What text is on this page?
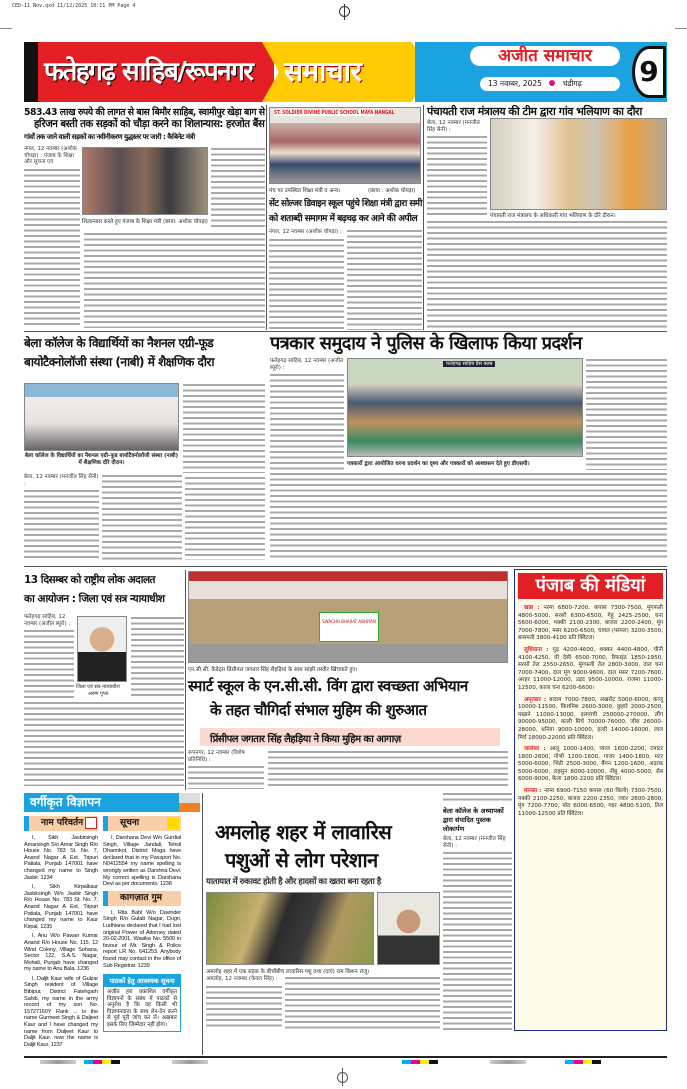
CED-11 Nov.qxd 11/12/2025 10:11 PM Page 4
फतेहगढ़ साहिब/रूपनगर समाचार	अजीत समाचार
13 नवम्बर, 2025	चंडीगढ़	9
583.43 लाख रुपये की लागत से बास बिमौर साहिब, स्वामीपुर खेड़ा बाग से
हरिजन बस्ती तक सड़कों को चौड़ा करने का शिलान्यास: हरजोत बैंस
गांवों तक जाने वाली सड़कों का नवीनीकरण युद्धस्तर पर जारी : कैबिनेट मंत्री
नंगल, 12 नवम्बर (अशोक चोपड़ा) : पंजाब के शिक्षा और सूचना एवं
शिलान्यास करते हुए पंजाब के शिक्षा मंत्री (छाया: अशोक चोपड़ा)
ST. SOLDIER DIVINE PUBLIC SCHOOL MAYA NANGAL
मंच पर उपस्थित शिक्षा मंत्री व अन्य।	(छाया : अशोक चोपड़ा)
सेंट सोल्जर डिवाइन स्कूल पहुंचे शिक्षा मंत्री द्वारा समी
को शताब्दी समागम में बढ़चढ़ कर आने की अपील
नंगल, 12 नवम्बर (अशोक चोपड़ा) :
पंचायती राज मंत्रालय की टीम द्वारा गांव भलियाण का दौरा
बेला, 12 नवम्बर (मनजीत सिंह सैनी) :
पंचायती राज मंत्रालय के अधिकारी गांव भलियाण के दौरे दौरान।
बेला कॉलेज के विद्यार्थियों का नैशनल एग्री-फूड
बायोटैक्नोलॉजी संस्था (नाबी) में शैक्षणिक दौरा
बेला कॉलेज के विद्यार्थियों का नैशनल एग्री-फूड बायोटैक्नोलॉजी संस्था (नाबी) में शैक्षणिक दौरे दौरान।
बेला, 12 नवम्बर (मनजीत सिंह सैनी) :
पत्रकार समुदाय ने पुलिस के खिलाफ किया प्रदर्शन
फतेहगढ़ साहिब, 12 नवम्बर (अजीत ब्यूरो) :
फतेहगढ़ साहिब प्रैस क्लब
पत्रकारों द्वारा आयोजित धरना प्रदर्शन का दृश्य और पत्रकारों को आश्वासन देते हुए डीएसपी।
13 दिसम्बर को राष्ट्रीय लोक अदालत
का आयोजन : जिला एवं सत्र न्यायाधीश
फतेहगढ़ साहिब, 12 नवम्बर (अजीत ब्यूरो) :
जिला एवं सत्र न्यायाधीश
अरुण गुप्ता
SWACHH BHARAT ABHIYAN
एन.सी.सी. कैडेट्स प्रिंसीपल जगतार सिंह लैहड़ियां के साथ सांझी तस्वीर खिंचवाते हुए।
स्मार्ट स्कूल के एन.सी.सी. विंग द्वारा स्वच्छता अभियान
के तहत चौगिर्दा संभाल मुहिम की शुरुआत
प्रिंसीपल जगतार सिंह लैहड़िया ने किया मुहिम का आगाज़
रूपनगर, 12 नवम्बर (विशेष प्रतिनिधि) :
पंजाब की मंडियां

खन्ना : नरमा 6800-7200, कपास 7300-7500, मूंगफली 4800-5000, सरसों 6300-6500, गेहूं 2425-2500, चना 5600-6000, मक्की 2100-2300, बाजरा 2200-2400, मूंग 7000-7800, मसर 6200-6500, चावल (परमल) 3200-3500, बासमती 3800-4100 प्रति क्विंटल।

लुधियाना : गुड़ 4200-4600, शक्कर 4400-4800, चीनी 4100-4250, घी देसी 6500-7000, रिफाइंड 1850-1950, सरसों तेल 2550-2650, मूंगफली तेल 2800-3000, दाल चना 7000-7400, दाल मूंग 9000-9600, दाल मसर 7200-7600, अरहर 11000-12000, उड़द 9500-10000, राजमा 11000-12500, काला चना 6200-6600।

अमृतसर : बादाम 7000-7800, अखरोट 5000-6000, काजू 10000-11500, किशमिश 2600-3000, छुहारे 2000-2500, मखाने 11000-13000, इलायची 250000-270000, लौंग 90000-95000, काली मिर्च 70000-76000, जीरा 26000-28000, धनिया 9000-10000, हल्दी 14000-16000, लाल मिर्च 18000-22000 प्रति क्विंटल।

जालंधर : आलू 1000-1400, प्याज 1600-2200, टमाटर 1800-2600, गोभी 1200-1600, गाजर 1400-1800, मटर 5000-6000, भिंडी 2500-3000, बैंगन 1200-1600, अदरक 5000-6000, लहसुन 8000-10000, नींबू 4000-5000, सेब 6000-9000, केला 1800-2200 प्रति क्विंटल।

मानसा : नरमा 6900-7150 कपास (60 किलो) 7300-7500, मक्की 2100-2250, बाजरा 2200-2350, ज्वार 2600-2800, मूंग 7200-7700, मोठ 6000-6500, ग्वार 4800-5100, तिल 11000-12500 प्रति क्विंटल।

वर्गीकृत विज्ञापन
नाम परिवर्तन

I, Sikh Jasbirsingh Amarsingh S/o Amar Singh R/o House No. 783 St. No. 7, Anand Nagar A Ext. Tripuri Patiala, Punjab 147001 have changed my name to Singh Jasbir. 1234

I, Sikh Kirpalkaur Jasbirsingh W/o Jasbir Singh R/o House No. 783 St. No. 7, Anand Nagar A Ext. Tripuri Patiala, Punjab 147001 have changed my name to Kaur Kirpal. 1235

I, Anu W/o Pawan Kumar Anand R/o House No. 115, 12 Wind Colony, Village Sohana, Sector 122, S.A.S. Nagar, Mohali, Punjab have changed my name to Anu Bala. 1236

I, Daljit Kaur wife of Gulzar Singh resident of Village Bibipur, District Fatehgarh Sahib, my name in the army record of my son No. 15727160Y Rank ... is the name Gurmeet Singh & Daljeet Kaur and I have changed my name from Daljeet Kaur to Daljit Kaur. now the name is Daljit Kaur. 1237

सूचना

I, Darshana Devi W/o Gurdial Singh, Village Jandali, Tehsil Dharmkot, District Moga have declared that in my Passport No. N0412554 my name spelling is wrongly written as Darshna Devi. My correct spelling is Darshana Devi as per documents. 1238

कागज़ात गुम

I, Rita Bahl W/o Davinder Singh R/o Gulab Nagar, Dugri, Ludhiana declared that I had lost original Power of Attorney dated 20-02-2001, Wasika No. 5500 in favour of Mr. Singh & Police report LR No. 641253. Anybody found may contact in the office of Sub Registrar. 1239

पाठकों हेतु आवश्यक सूचना
अजीत हरा प्रकाशित वर्गीकृत विज्ञापनों के संबंध में पाठकों से अनुरोध है कि वह किसी भी विज्ञापनदाता के साथ लेन-देन करने से पूर्व पूरी जांच कर लें। अखबार इसके लिए जिम्मेदार नहीं होगा।
अमलोह शहर में लावारिस
पशुओं से लोग परेशान
यातायात में रुकावट होती है और हादसों का खतरा बना रहता है
अमलोह शहर में एक सड़क के बीचोंबीच लावारिस पशु तथा (दाएं) राम किशन राजू।
अमलोह, 12 नवम्बर (केवल सिंह) :
बेला कॉलेज के अध्यापकों द्वारा संपादित पुस्तक लोकार्पण
बेला, 12 नवम्बर (मनजीत सिंह सैनी) :
